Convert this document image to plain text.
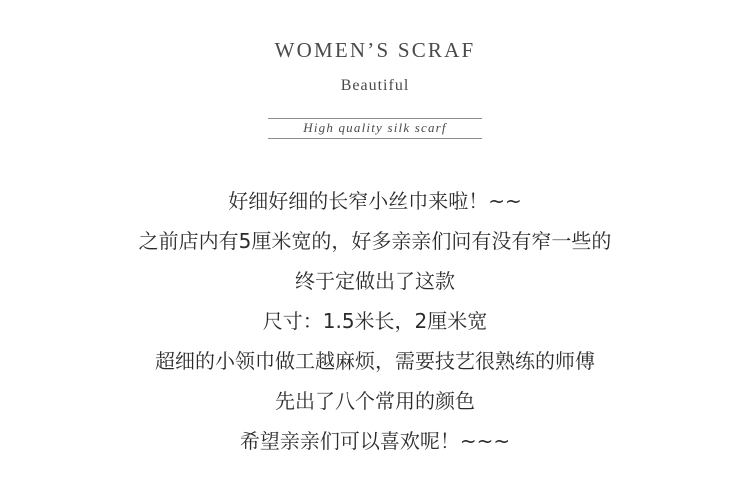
WOMEN’S SCRAF
Beautiful
High quality silk scarf
好细好细的长窄小丝巾来啦！~~
之前店内有5厘米宽的，好多亲亲们问有没有窄一些的
终于定做出了这款
尺寸：1.5米长，2厘米宽
超细的小领巾做工越麻烦，需要技艺很熟练的师傅
先出了八个常用的颜色
希望亲亲们可以喜欢呢！~~~
